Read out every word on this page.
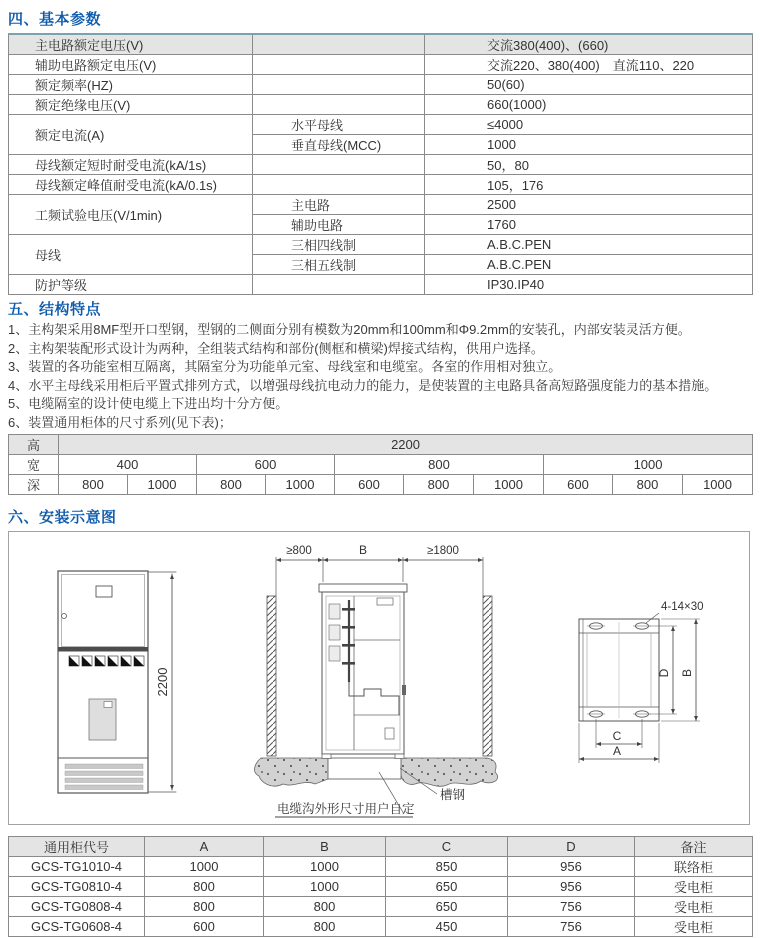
四、基本参数
主电路额定电压(V)		交流380(400)、(660)
辅助电路额定电压(V)		交流220、380(400)　直流110、220
额定频率(HZ)		50(60)
额定绝缘电压(V)		660(1000)
额定电流(A)	水平母线	≤4000
	垂直母线(MCC)	1000
母线额定短时耐受电流(kA/1s)		50，80
母线额定峰值耐受电流(kA/0.1s)		105，176
工频试验电压(V/1min)	主电路	2500
	辅助电路	1760
母线	三相四线制	A.B.C.PEN
	三相五线制	A.B.C.PEN
防护等级		IP30.IP40
五、结构特点
1、主构架采用8MF型开口型钢，型钢的二侧面分别有模数为20mm和100mm和Φ9.2mm的安装孔，内部安装灵活方便。
2、主构架装配形式设计为两种，全组装式结构和部份(侧框和横梁)焊接式结构，供用户选择。
3、装置的各功能室相互隔离，其隔室分为功能单元室、母线室和电缆室。各室的作用相对独立。
4、水平主母线采用柜后平置式排列方式，以增强母线抗电动力的能力，是使装置的主电路具备高短路强度能力的基本措施。
5、电缆隔室的设计使电缆上下进出均十分方便。
6、装置通用柜体的尺寸系列(见下表)；
高	2200									
宽	400		600		800			1000		
深	800	1000	800	1000	600	800	1000	600	800	1000
六、安装示意图
2200
≥800	B	≥1800
槽钢
电缆沟外形尺寸用户自定
4-14×30
D B
C
A
通用柜代号	A	B	C	D	备注
GCS-TG1010-4	1000	1000	850	956	联络柜
GCS-TG0810-4	800	1000	650	956	受电柜
GCS-TG0808-4	800	800	650	756	受电柜
GCS-TG0608-4	600	800	450	756	受电柜
